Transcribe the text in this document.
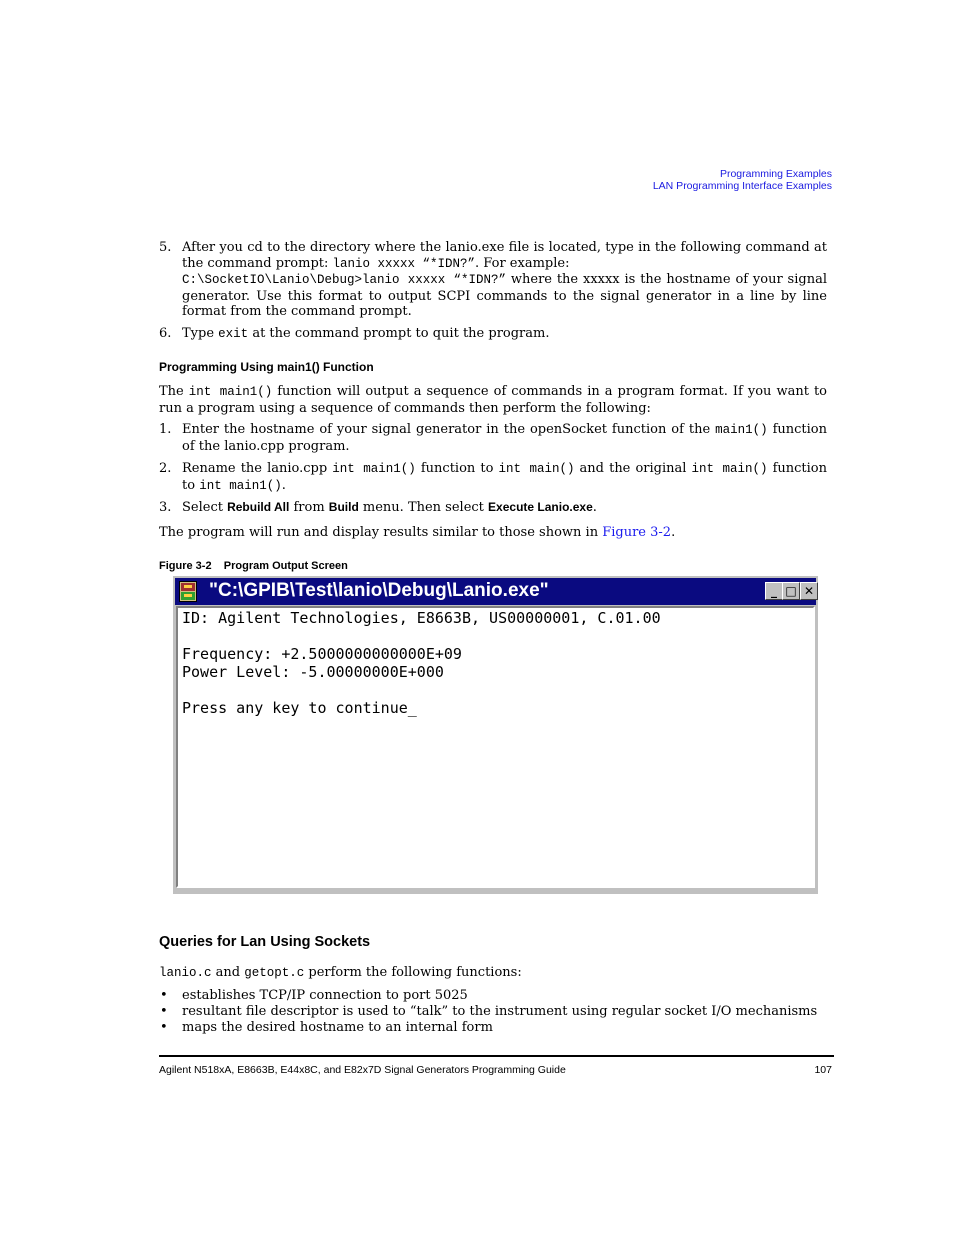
Programming Examples
LAN Programming Interface Examples
5. After you cd to the directory where the lanio.exe file is located, type in the following command at the command prompt: lanio xxxxx “*IDN?”. For example:
C:\SocketIO\Lanio\Debug>lanio xxxxx “*IDN?” where the xxxxx is the hostname of your signal generator. Use this format to output SCPI commands to the signal generator in a line by line format from the command prompt.
6. Type exit at the command prompt to quit the program.
Programming Using main1() Function
The int main1() function will output a sequence of commands in a program format. If you want to run a program using a sequence of commands then perform the following:
1. Enter the hostname of your signal generator in the openSocket function of the main1() function of the lanio.cpp program.
2. Rename the lanio.cpp int main1() function to int main() and the original int main() function to int main1().
3. Select Rebuild All from Build menu. Then select Execute Lanio.exe.
The program will run and display results similar to those shown in Figure 3-2.
Figure 3-2    Program Output Screen
"C:\GPIB\Test\lanio\Debug\Lanio.exe"	_ □ ✕
ID: Agilent Technologies, E8663B, US00000001, C.01.00
Frequency: +2.5000000000000E+09
Power Level: -5.00000000E+000
Press any key to continue_
Queries for Lan Using Sockets
lanio.c and getopt.c perform the following functions:
• establishes TCP/IP connection to port 5025
• resultant file descriptor is used to “talk” to the instrument using regular socket I/O mechanisms
• maps the desired hostname to an internal form
Agilent N518xA, E8663B, E44x8C, and E82x7D Signal Generators Programming Guide	107
